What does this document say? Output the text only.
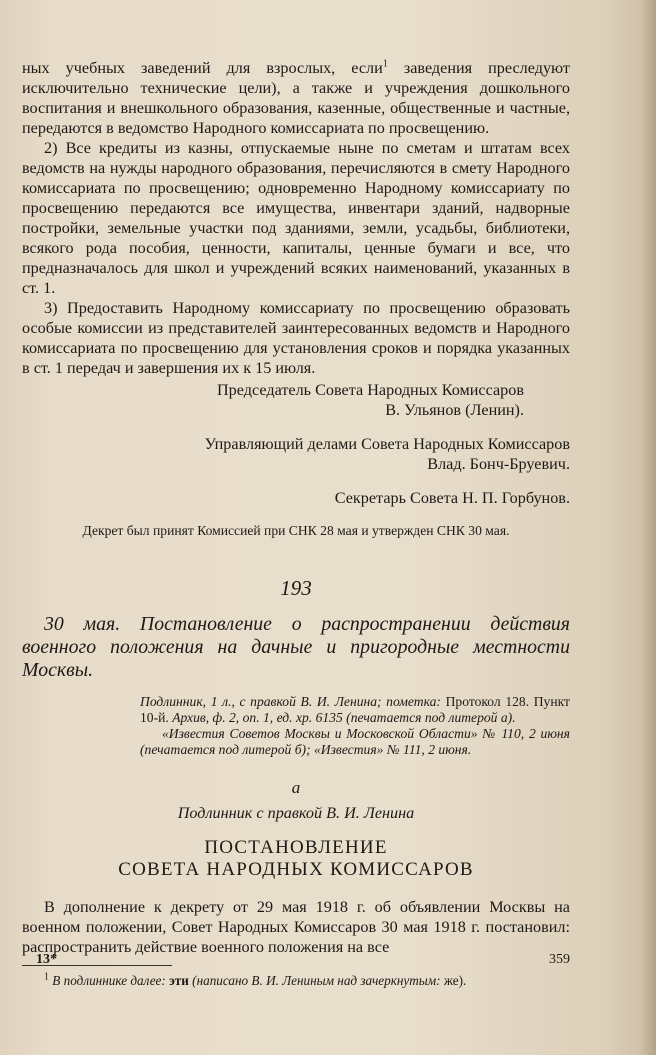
ных учебных заведений для взрослых, если$^1$ заведения преследуют исключительно технические цели), а также и учреждения дошкольного воспитания и внешкольного образования, казенные, общественные и частные, передаются в ведомство Народного комиссариата по просвещению.

2) Все кредиты из казны, отпускаемые ныне по сметам и штатам всех ведомств на нужды народного образования, перечисляются в смету Народного комиссариата по просвещению; одновременно Народному комиссариату по просвещению передаются все имущества, инвентари зданий, надворные постройки, земельные участки под зданиями, земли, усадьбы, библиотеки, всякого рода пособия, ценности, капиталы, ценные бумаги и все, что предназначалось для школ и учреждений всяких наименований, указанных в ст. 1.

3) Предоставить Народному комиссариату по просвещению образовать особые комиссии из представителей заинтересованных ведомств и Народного комиссариата по просвещению для установления сроков и порядка указанных в ст. 1 передач и завершения их к 15 июля.

Председатель Совета Народных Комиссаров
В. Ульянов (Ленин).
Управляющий делами Совета Народных Комиссаров
Влад. Бонч-Бруевич.
Секретарь Совета Н. П. Горбунов.
Декрет был принят Комиссией при СНК 28 мая и утвержден СНК 30 мая.
193
30 мая. Постановление о распространении действия военного положения на дачные и пригородные местности Москвы.

Подлинник, 1 л., с правкой В. И. Ленина; пометка: Протокол 128. Пункт 10-й. Архив, ф. 2, оп. 1, ед. хр. 6135 (печатается под литерой а).

«Известия Советов Москвы и Московской Области» № 110, 2 июня (печатается под литерой б); «Известия» № 111, 2 июня.

а
Подлинник с правкой В. И. Ленина
ПОСТАНОВЛЕНИЕ
СОВЕТА НАРОДНЫХ КОМИССАРОВ

В дополнение к декрету от 29 мая 1918 г. об объявлении Москвы на военном положении, Совет Народных Комиссаров 30 мая 1918 г. постановил: распространить действие военного положения на все

$^1$ В подлиннике далее: эти (написано В. И. Лениным над зачеркнутым: же).

13*	359
